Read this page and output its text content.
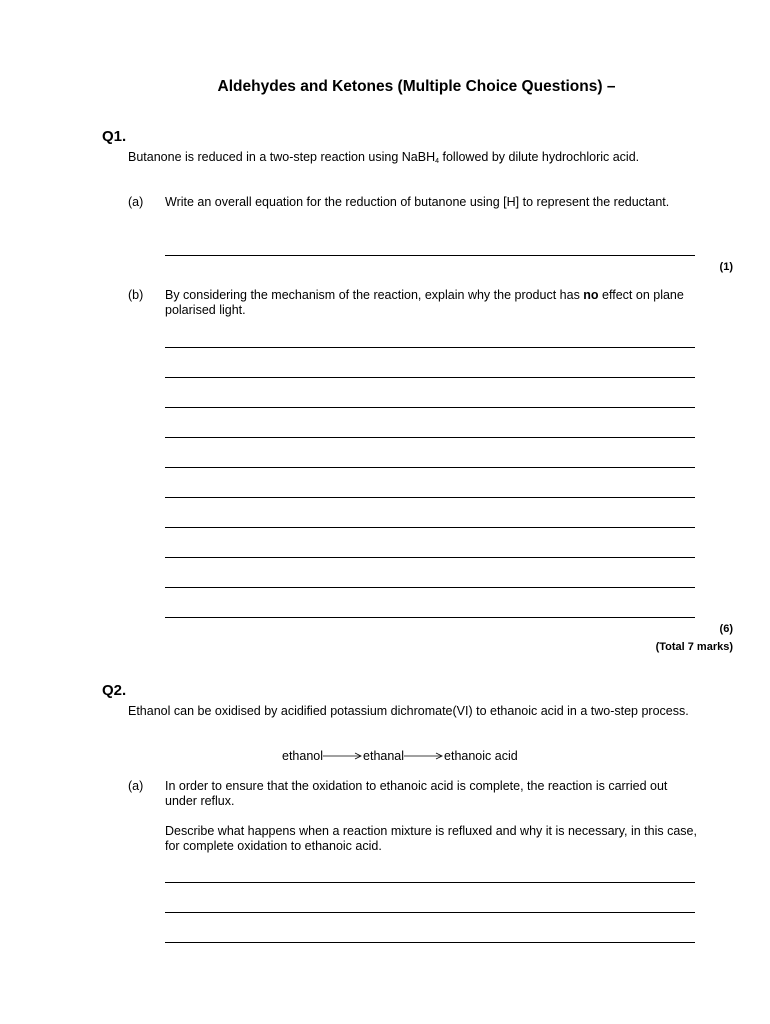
Aldehydes and Ketones (Multiple Choice Questions) –
Q1.
Butanone is reduced in a two-step reaction using NaBH$_4$ followed by dilute hydrochloric acid.
(a) Write an overall equation for the reduction of butanone using [H] to represent the reductant.
(1)
(b) By considering the mechanism of the reaction, explain why the product has no effect on plane polarised light.
(6)
(Total 7 marks)
Q2.
Ethanol can be oxidised by acidified potassium dichromate(VI) to ethanoic acid in a two-step process.
ethanol	ethanal	ethanoic acid
(a) In order to ensure that the oxidation to ethanoic acid is complete, the reaction is carried out under reflux.
Describe what happens when a reaction mixture is refluxed and why it is necessary, in this case, for complete oxidation to ethanoic acid.
